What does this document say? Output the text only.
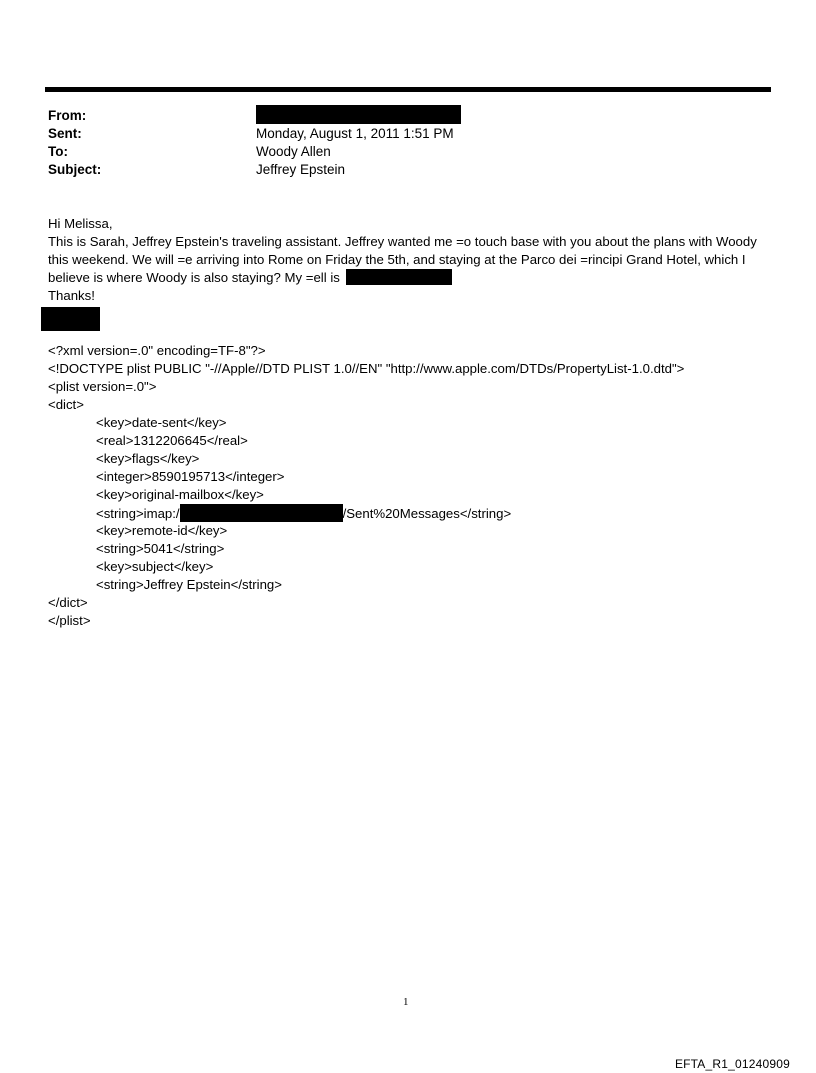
From:
Sent:	Monday, August 1, 2011 1:51 PM
To:	Woody Allen
Subject:	Jeffrey Epstein
Hi Melissa,
This is Sarah, Jeffrey Epstein's traveling assistant. Jeffrey wanted me =o touch base with you about the plans with Woody
this weekend. We will =e arriving into Rome on Friday the 5th, and staying at the Parco dei =rincipi Grand Hotel, which I
believe is where Woody is also staying? My =ell is
Thanks!
<?xml version=.0" encoding=TF-8"?>
<!DOCTYPE plist PUBLIC "-//Apple//DTD PLIST 1.0//EN" "http://www.apple.com/DTDs/PropertyList-1.0.dtd">
<plist version=.0">
<dict>
<key>date-sent</key>
<real>1312206645</real>
<key>flags</key>
<integer>8590195713</integer>
<key>original-mailbox</key>
<string>imap:/	/Sent%20Messages</string>
<key>remote-id</key>
<string>5041</string>
<key>subject</key>
<string>Jeffrey Epstein</string>
</dict>
</plist>
1
EFTA_R1_01240909
